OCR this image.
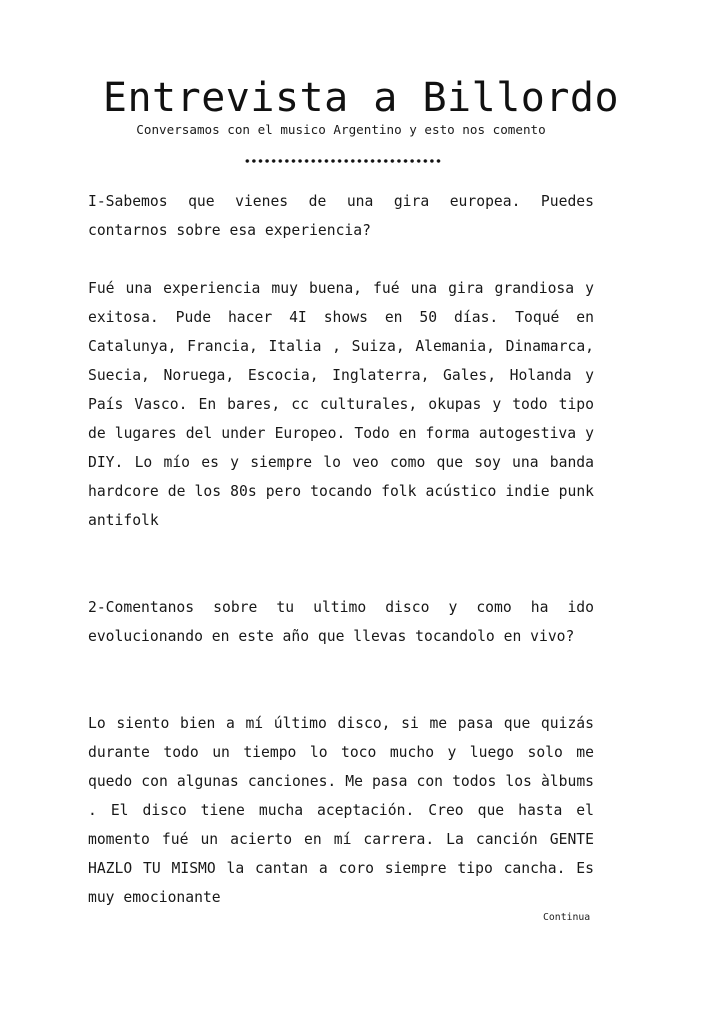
Entrevista a Billordo

Conversamos con el musico Argentino y esto nos comento

I-Sabemos que vienes de una gira europea. Puedes contarnos sobre esa experiencia?

Fué una experiencia muy buena, fué una gira grandiosa y exitosa. Pude hacer 4I shows en 50 días. Toqué en Catalunya, Francia, Italia , Suiza, Alemania, Dinamarca, Suecia, Noruega, Escocia, Inglaterra, Gales, Holanda y País Vasco. En bares, cc culturales, okupas y todo tipo de lugares del under Europeo. Todo en forma autogestiva y DIY. Lo mío es y siempre lo veo como que soy una banda hardcore de los 80s pero tocando folk acústico indie punk antifolk

2-Comentanos sobre tu ultimo disco y como ha ido evolucionando en este año que llevas tocandolo en vivo?

Lo siento bien a mí último disco, si me pasa que quizás durante todo un tiempo lo toco mucho y luego solo me quedo con algunas canciones. Me pasa con todos los àlbums . El disco tiene mucha aceptación. Creo que hasta el momento fué un acierto en mí carrera. La canción GENTE HAZLO TU MISMO la cantan a coro siempre tipo cancha. Es muy emocionante

Continua
